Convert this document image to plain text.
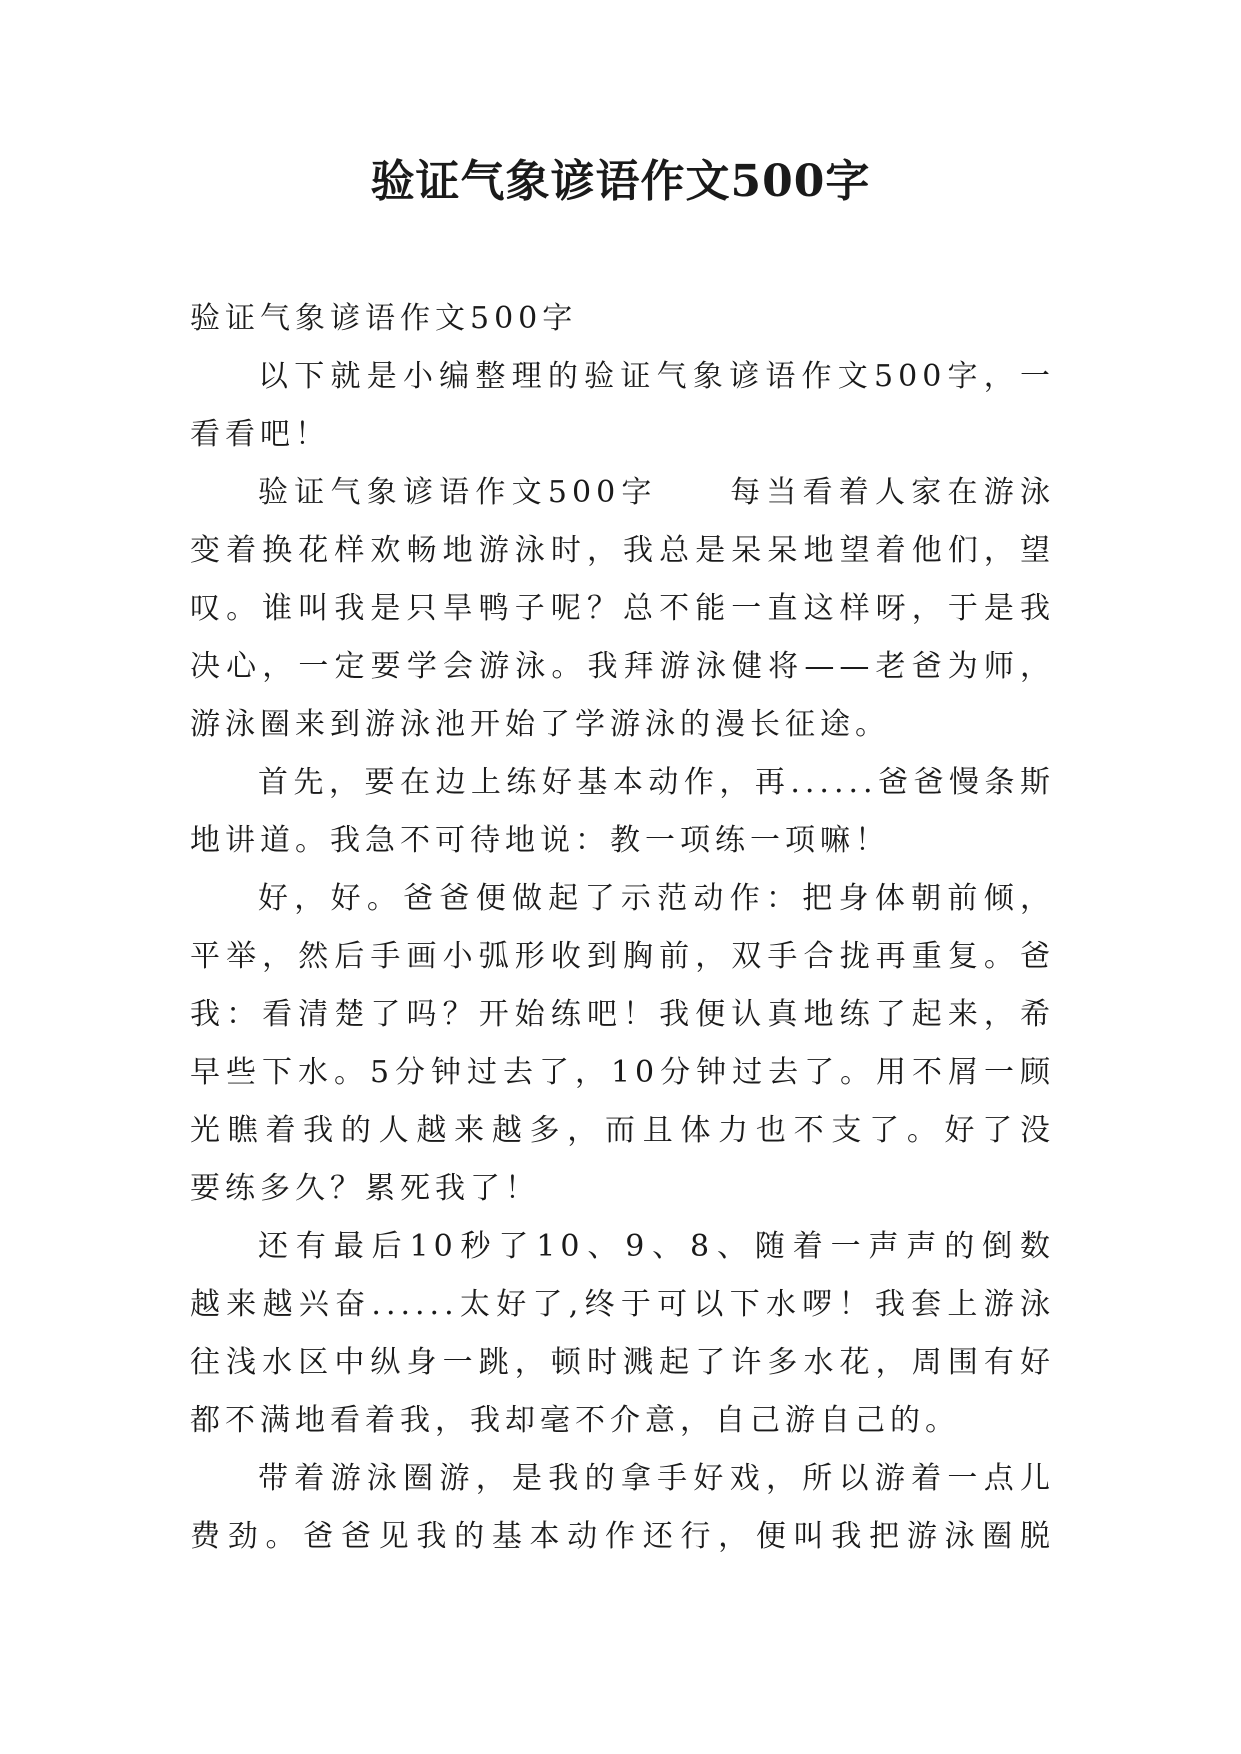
验证气象谚语作文500字

验证气象谚语作文500字

以下就是小编整理的验证气象谚语作文500字，一

看看吧！

验证气象谚语作文500字　　每当看着人家在游泳

变着换花样欢畅地游泳时，我总是呆呆地望着他们，望

叹。谁叫我是只旱鸭子呢？总不能一直这样呀，于是我

决心，一定要学会游泳。我拜游泳健将——老爸为师，

游泳圈来到游泳池开始了学游泳的漫长征途。

首先，要在边上练好基本动作，再......爸爸慢条斯

地讲道。我急不可待地说：教一项练一项嘛！

好，好。爸爸便做起了示范动作：把身体朝前倾，

平举，然后手画小弧形收到胸前，双手合拢再重复。爸

我：看清楚了吗？开始练吧！我便认真地练了起来，希

早些下水。5分钟过去了，10分钟过去了。用不屑一顾

光瞧着我的人越来越多，而且体力也不支了。好了没

要练多久？累死我了！

还有最后10秒了10、9、8、随着一声声的倒数

越来越兴奋......太好了,终于可以下水啰！我套上游泳

往浅水区中纵身一跳，顿时溅起了许多水花，周围有好

都不满地看着我，我却毫不介意，自己游自己的。

带着游泳圈游，是我的拿手好戏，所以游着一点儿

费劲。爸爸见我的基本动作还行，便叫我把游泳圈脱
